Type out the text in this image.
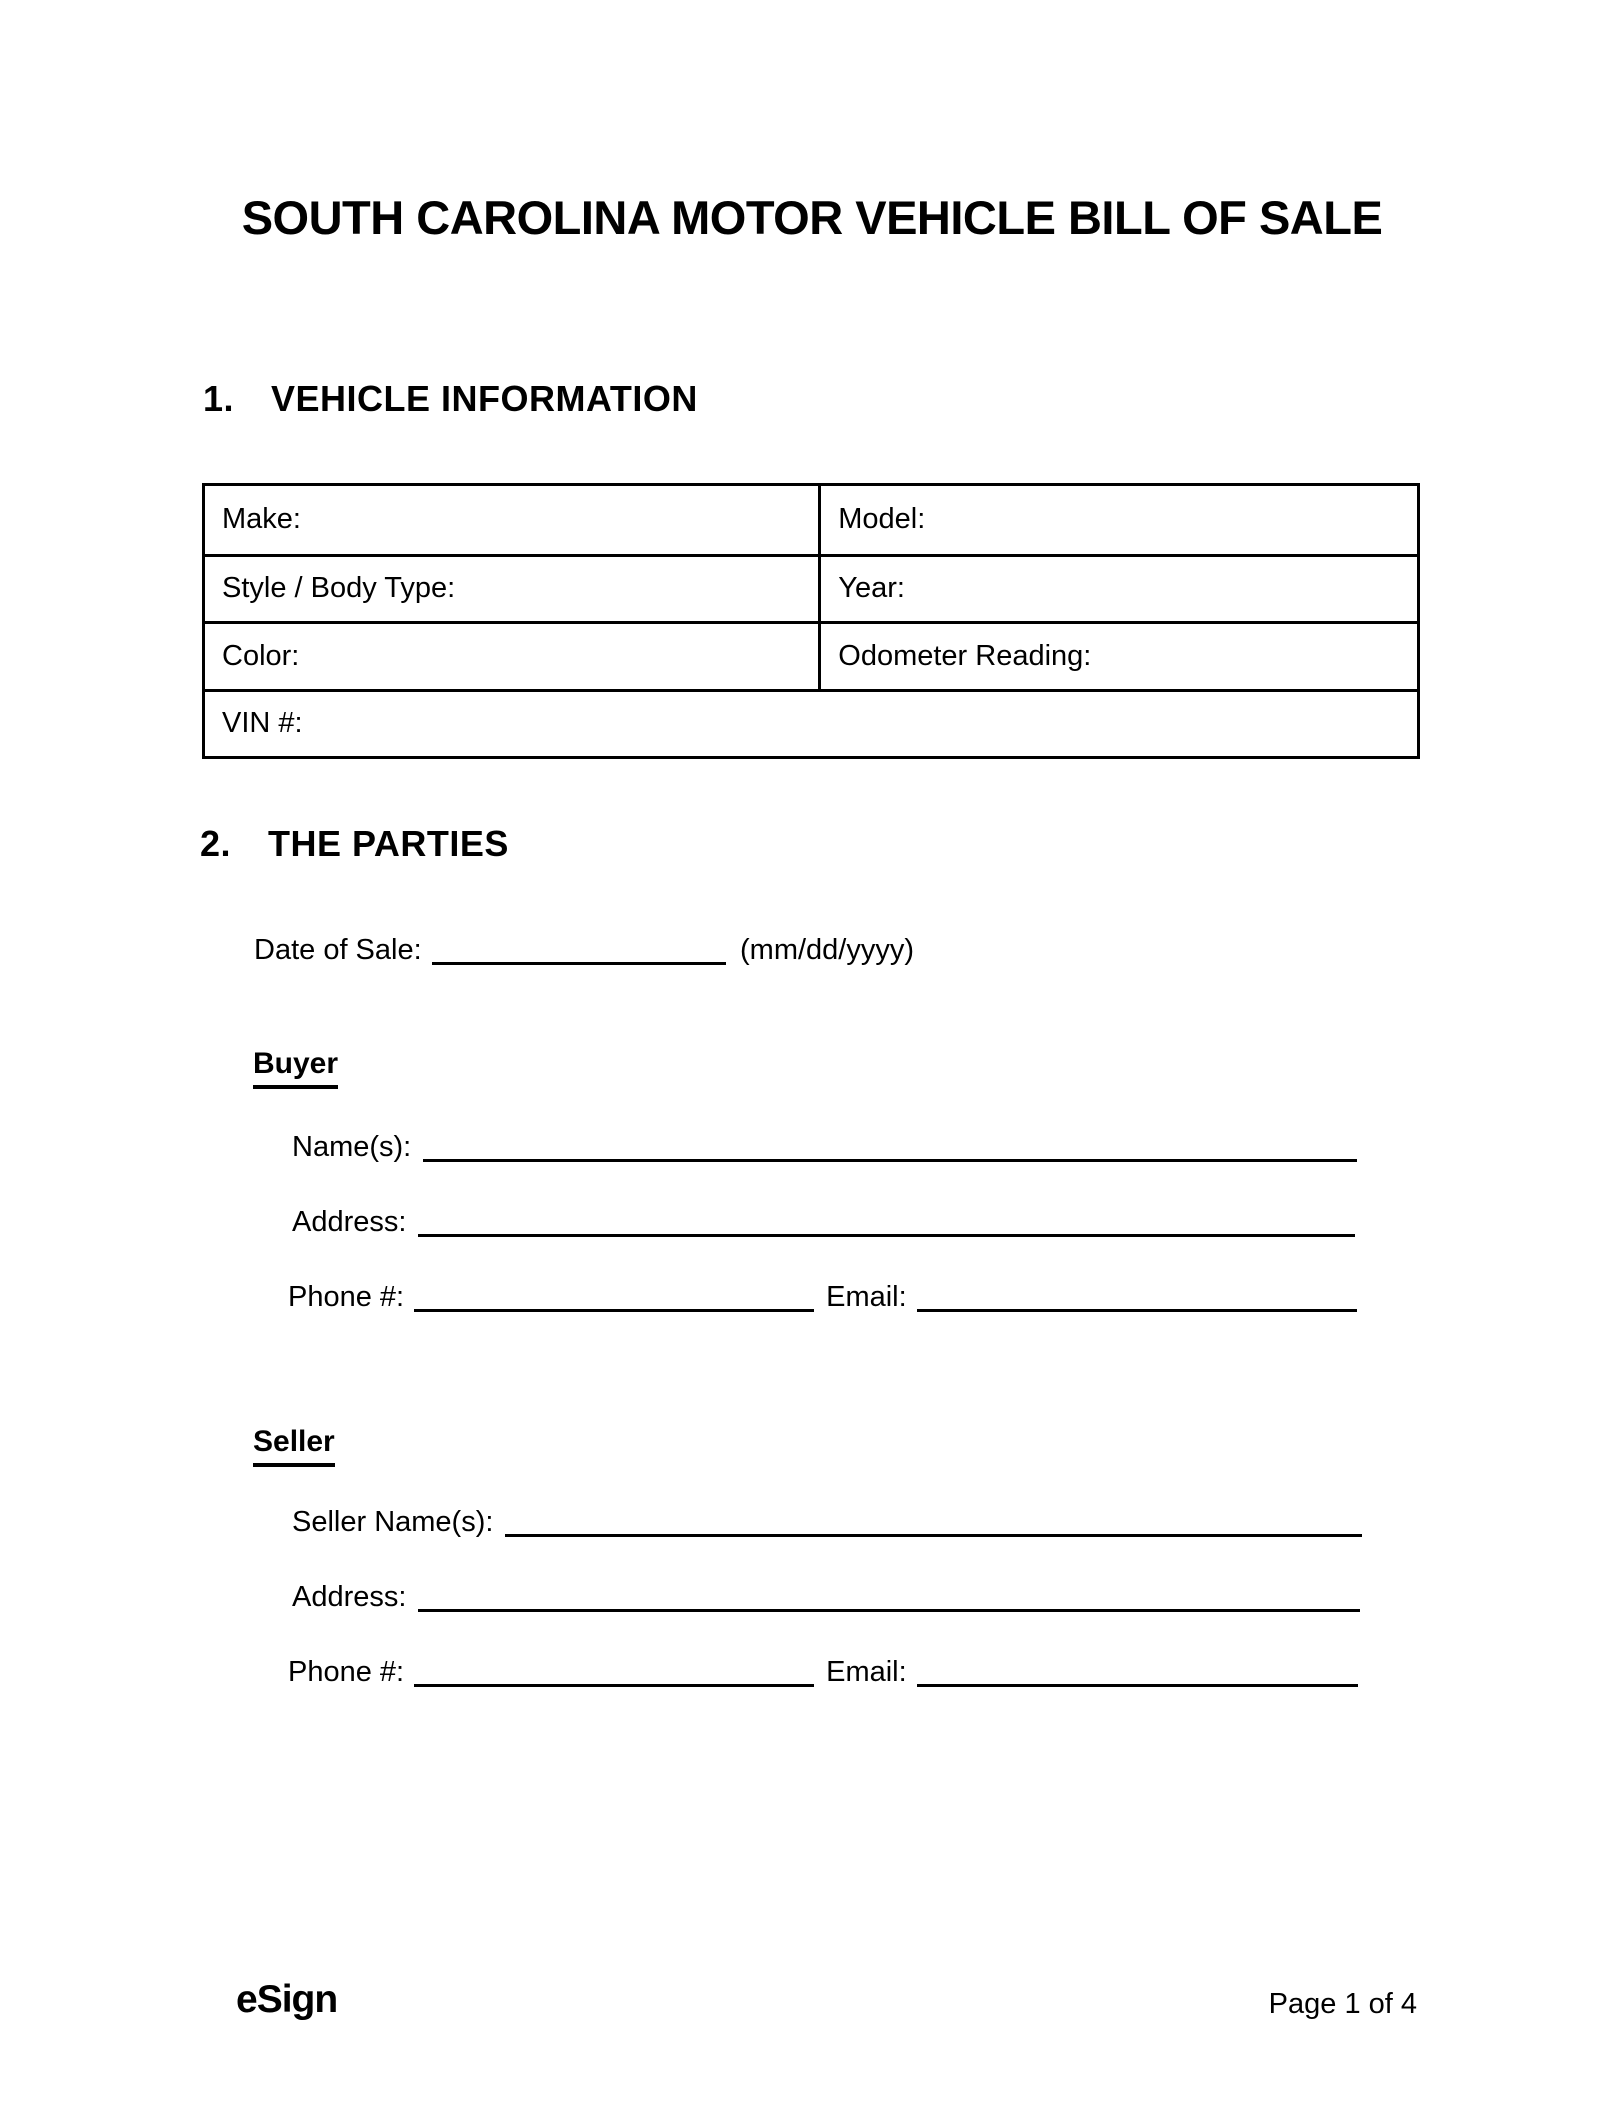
SOUTH CAROLINA MOTOR VEHICLE BILL OF SALE
1.	VEHICLE INFORMATION
Make:	Model:
Style / Body Type:	Year:
Color:	Odometer Reading:
VIN #:
2.	THE PARTIES
Date of Sale:	(mm/dd/yyyy)
Buyer
Name(s):
Address:
Phone #:	Email:
Seller
Seller Name(s):
Address:
Phone #:	Email:
eSign	Page 1 of 4
